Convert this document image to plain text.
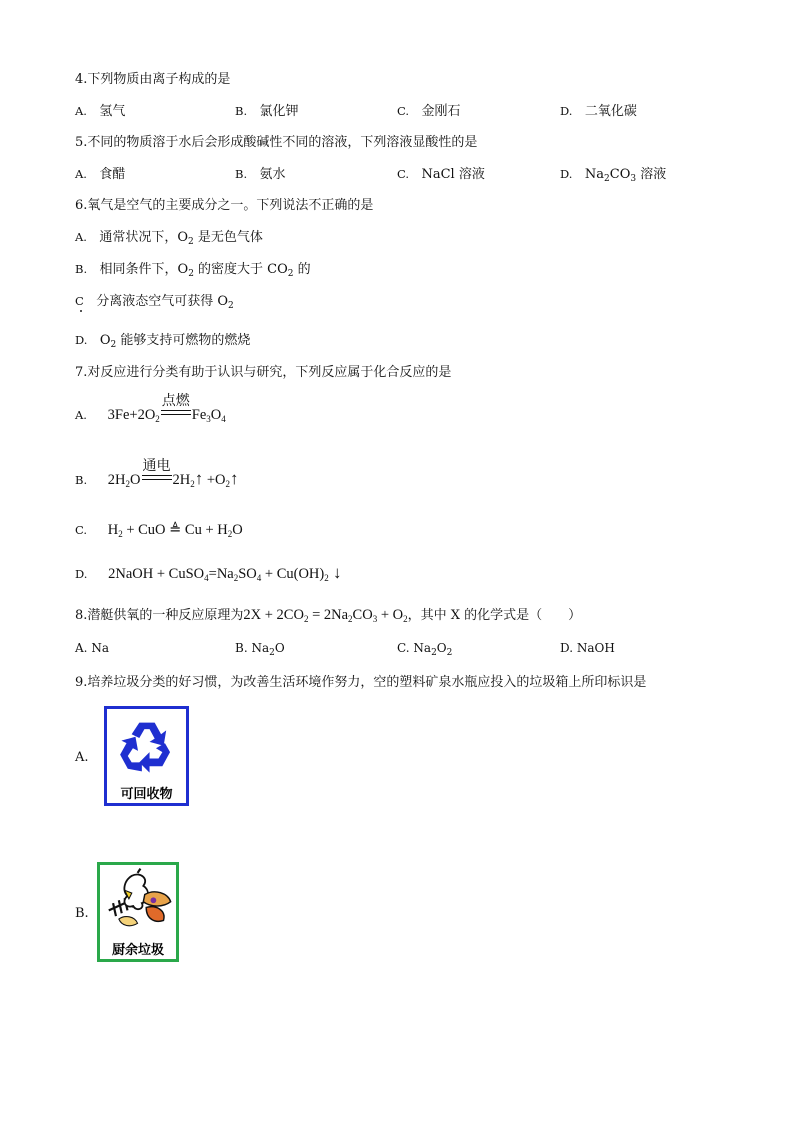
4.下列物质由离子构成的是
A. 氢气	B. 氯化钾	C. 金刚石	D. 二氧化碳
5.不同的物质溶于水后会形成酸碱性不同的溶液，下列溶液显酸性的是
A. 食醋	B. 氨水	C. NaCl 溶液	D. $Na_2CO_3$ 溶液
6.氧气是空气的主要成分之一。下列说法不正确的是
A. 通常状况下，$O_2$ 是无色气体
B. 相同条件下，$O_2$ 的密度大于 $CO_2$ 的
C 分离液态空气可获得 $O_2$
D. $O_2$ 能够支持可燃物的燃烧
7.对反应进行分类有助于认识与研究，下列反应属于化合反应的是
A. $3Fe+2O_2$
点燃
$Fe_3O_4$
B. $2H_2O$
通电
$2H_2↑$ $+O_2↑$
C. $H_2$ + CuO ≜ $Cu + H_2O$
D. 2NaOH + $CuSO_4=Na_2SO_4 + Cu(OH)_2$ ↓
8.潜艇供氧的一种反应原理为$2X + 2CO_2 = 2Na_2CO_3 + O_2$，其中 X 的化学式是（　　）
A. Na	B. $Na_2O$	C. $Na_2O_2$	D. NaOH
9.培养垃圾分类的好习惯，为改善生活环境作努力，空的塑料矿泉水瓶应投入的垃圾箱上所印标识是
A.
可回收物
B.
厨余垃圾
